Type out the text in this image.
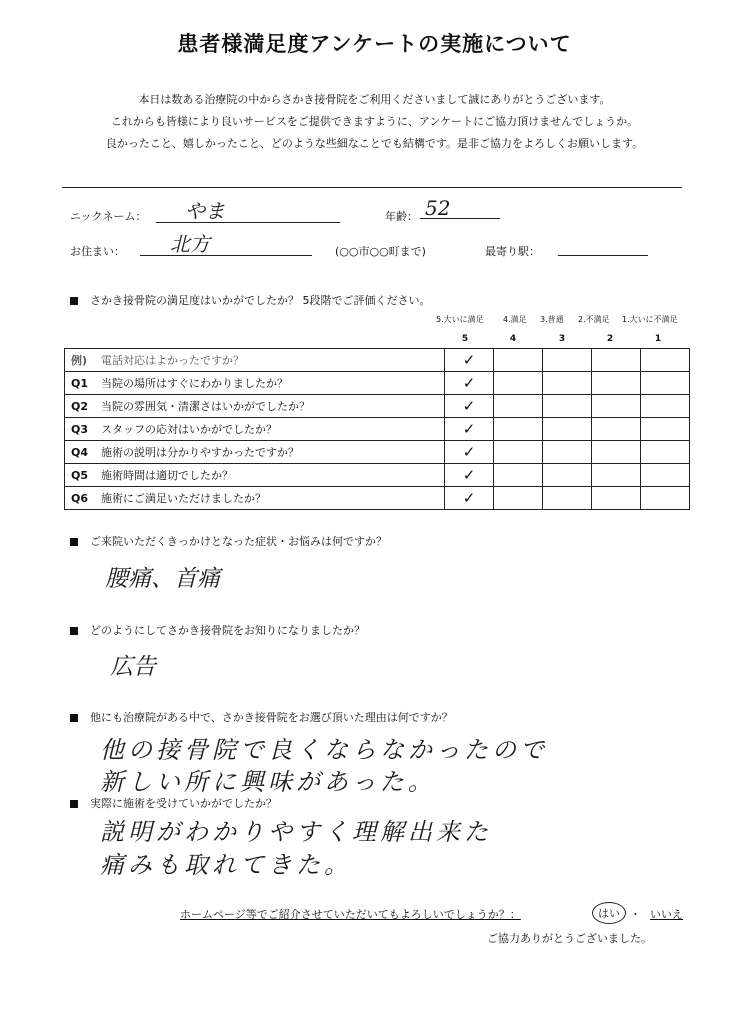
患者様満足度アンケートの実施について
本日は数ある治療院の中からさかき接骨院をご利用くださいまして誠にありがとうございます。
これからも皆様により良いサービスをご提供できますように、アンケートにご協力頂けませんでしょうか。
良かったこと、嬉しかったこと、どのような些細なことでも結構です。是非ご協力をよろしくお願いします。
ニックネーム： やま	年齢： 52
お住まい： 北方	(○○市○○町まで)	最寄り駅：
さかき接骨院の満足度はいかがでしたか？ 5段階でご評価ください。
5.大いに満足 4.満足 3.普通 2.不満足 1.大いに不満足
5	4	3	2	1
例) 電話対応はよかったですか？	✓				
Q1 当院の場所はすぐにわかりましたか？	✓				
Q2 当院の雰囲気・清潔さはいかがでしたか？	✓				
Q3 スタッフの応対はいかがでしたか？	✓				
Q4 施術の説明は分かりやすかったですか？	✓				
Q5 施術時間は適切でしたか？	✓				
Q6 施術にご満足いただけましたか？	✓				
ご来院いただくきっかけとなった症状・お悩みは何ですか？
腰痛、首痛
どのようにしてさかき接骨院をお知りになりましたか？
広告
他にも治療院がある中で、さかき接骨院をお選び頂いた理由は何ですか？
他の接骨院で良くならなかったので
新しい所に興味があった。
実際に施術を受けていかがでしたか？
説明がわかりやすく理解出来た
痛みも取れてきた。
ホームページ等でご紹介させていただいてもよろしいでしょうか？：	はい ・ いいえ
ご協力ありがとうございました。
